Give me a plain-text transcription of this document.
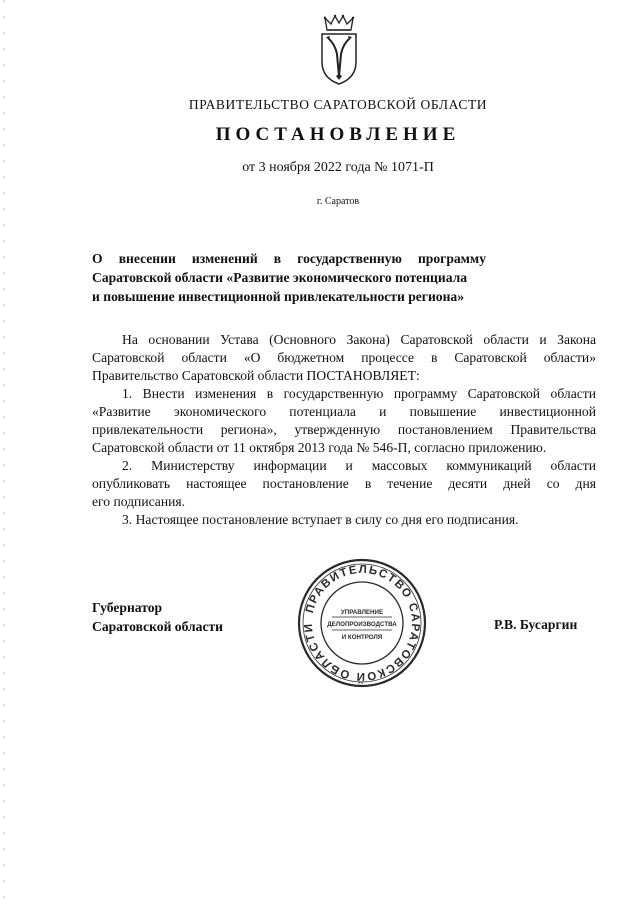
ПРАВИТЕЛЬСТВО САРАТОВСКОЙ ОБЛАСТИ
ПОСТАНОВЛЕНИЕ
от 3 ноября 2022 года № 1071-П
г. Саратов
О внесении изменений в государственную программу
Саратовской области «Развитие экономического потенциала
и повышение инвестиционной привлекательности региона»

На основании Устава (Основного Закона) Саратовской области и Закона
Саратовской области «О бюджетном процессе в Саратовской области»
Правительство Саратовской области ПОСТАНОВЛЯЕТ:

1. Внести изменения в государственную программу Саратовской области
«Развитие экономического потенциала и повышение инвестиционной
привлекательности региона», утвержденную постановлением Правительства
Саратовской области от 11 октября 2013 года № 546-П, согласно приложению.

2. Министерству информации и массовых коммуникаций области
опубликовать настоящее постановление в течение десяти дней со дня
его подписания.

3. Настоящее постановление вступает в силу со дня его подписания.

Губернатор
Саратовской области
ПРАВИТЕЛЬСТВО САРАТОВСКОЙ ОБЛАСТИ
УПРАВЛЕНИЕ
ДЕЛОПРОИЗВОДСТВА
И КОНТРОЛЯ
Р.В. Бусаргин
